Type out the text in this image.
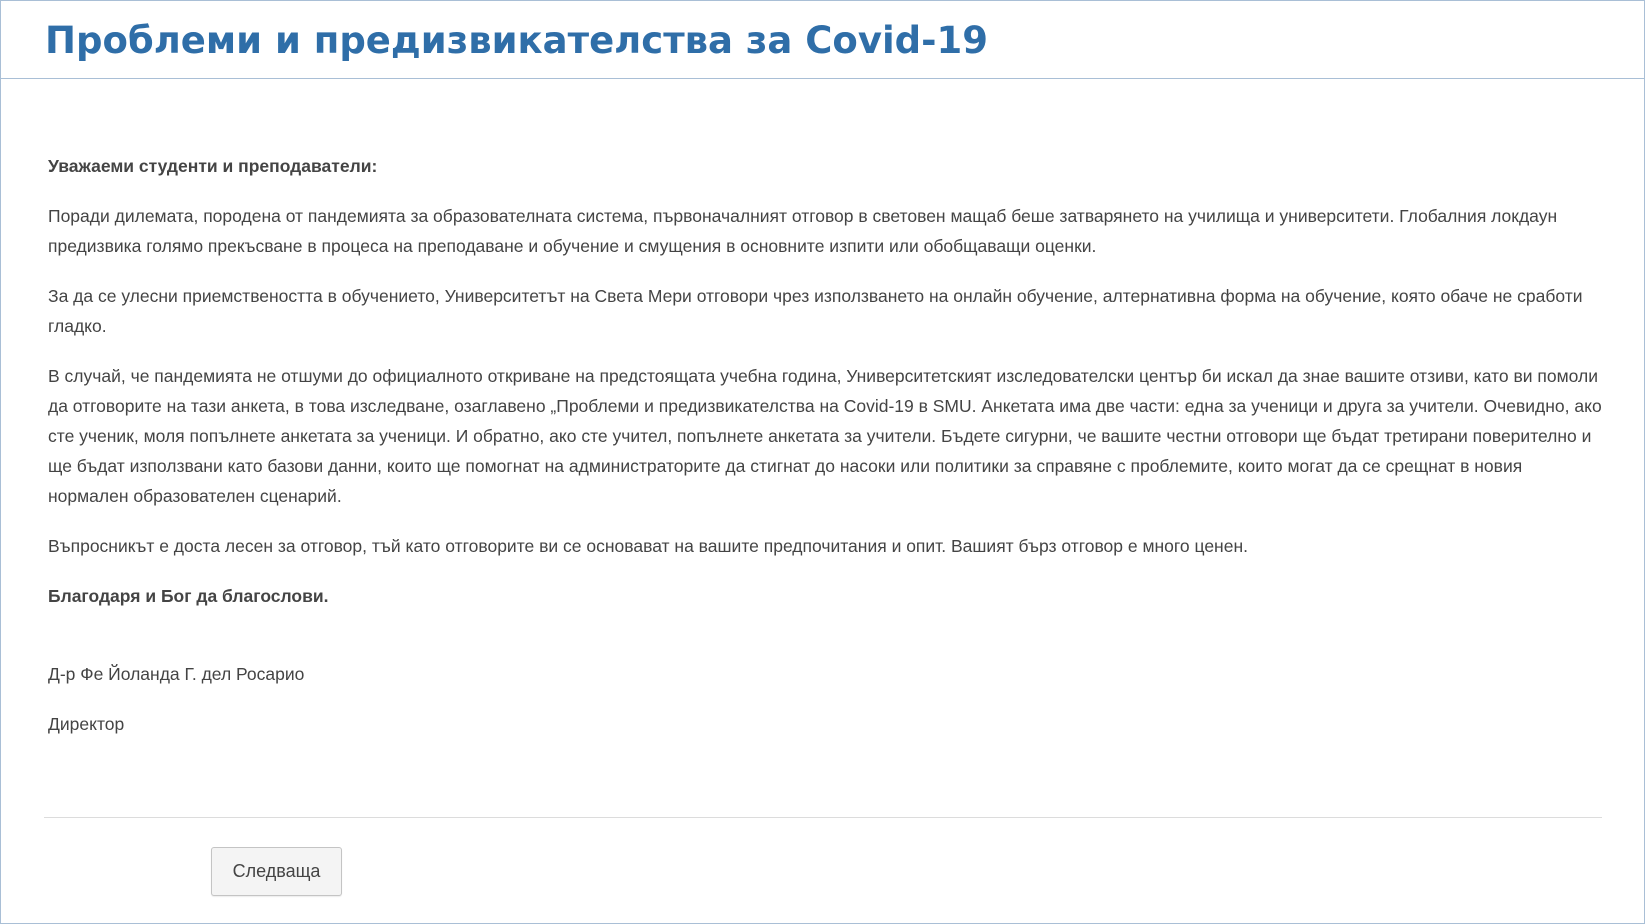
Проблеми и предизвикателства за Covid-19

Уважаеми студенти и преподаватели:

Поради дилемата, породена от пандемията за образователната система, първоначалният отговор в световен мащаб беше затварянето на училища и университети. Глобалния локдаун предизвика голямо прекъсване в процеса на преподаване и обучение и смущения в основните изпити или обобщаващи оценки.

За да се улесни приемствеността в обучението, Университетът на Света Мери отговори чрез използването на онлайн обучение, алтернативна форма на обучение, която обаче не сработи гладко.

В случай, че пандемията не отшуми до официалното откриване на предстоящата учебна година, Университетският изследователски център би искал да знае вашите отзиви, като ви помоли да отговорите на тази анкета, в това изследване, озаглавено „Проблеми и предизвикателства на Covid-19 в SMU. Анкетата има две части: една за ученици и друга за учители. Очевидно, ако сте ученик, моля попълнете анкетата за ученици. И обратно, ако сте учител, попълнете анкетата за учители. Бъдете сигурни, че вашите честни отговори ще бъдат третирани поверително и ще бъдат използвани като базови данни, които ще помогнат на администраторите да стигнат до насоки или политики за справяне с проблемите, които могат да се срещнат в новия нормален образователен сценарий.

Въпросникът е доста лесен за отговор, тъй като отговорите ви се основават на вашите предпочитания и опит. Вашият бърз отговор е много ценен.

Благодаря и Бог да благослови.

Д-р Фе Йоланда Г. дел Росарио

Директор

Следваща
